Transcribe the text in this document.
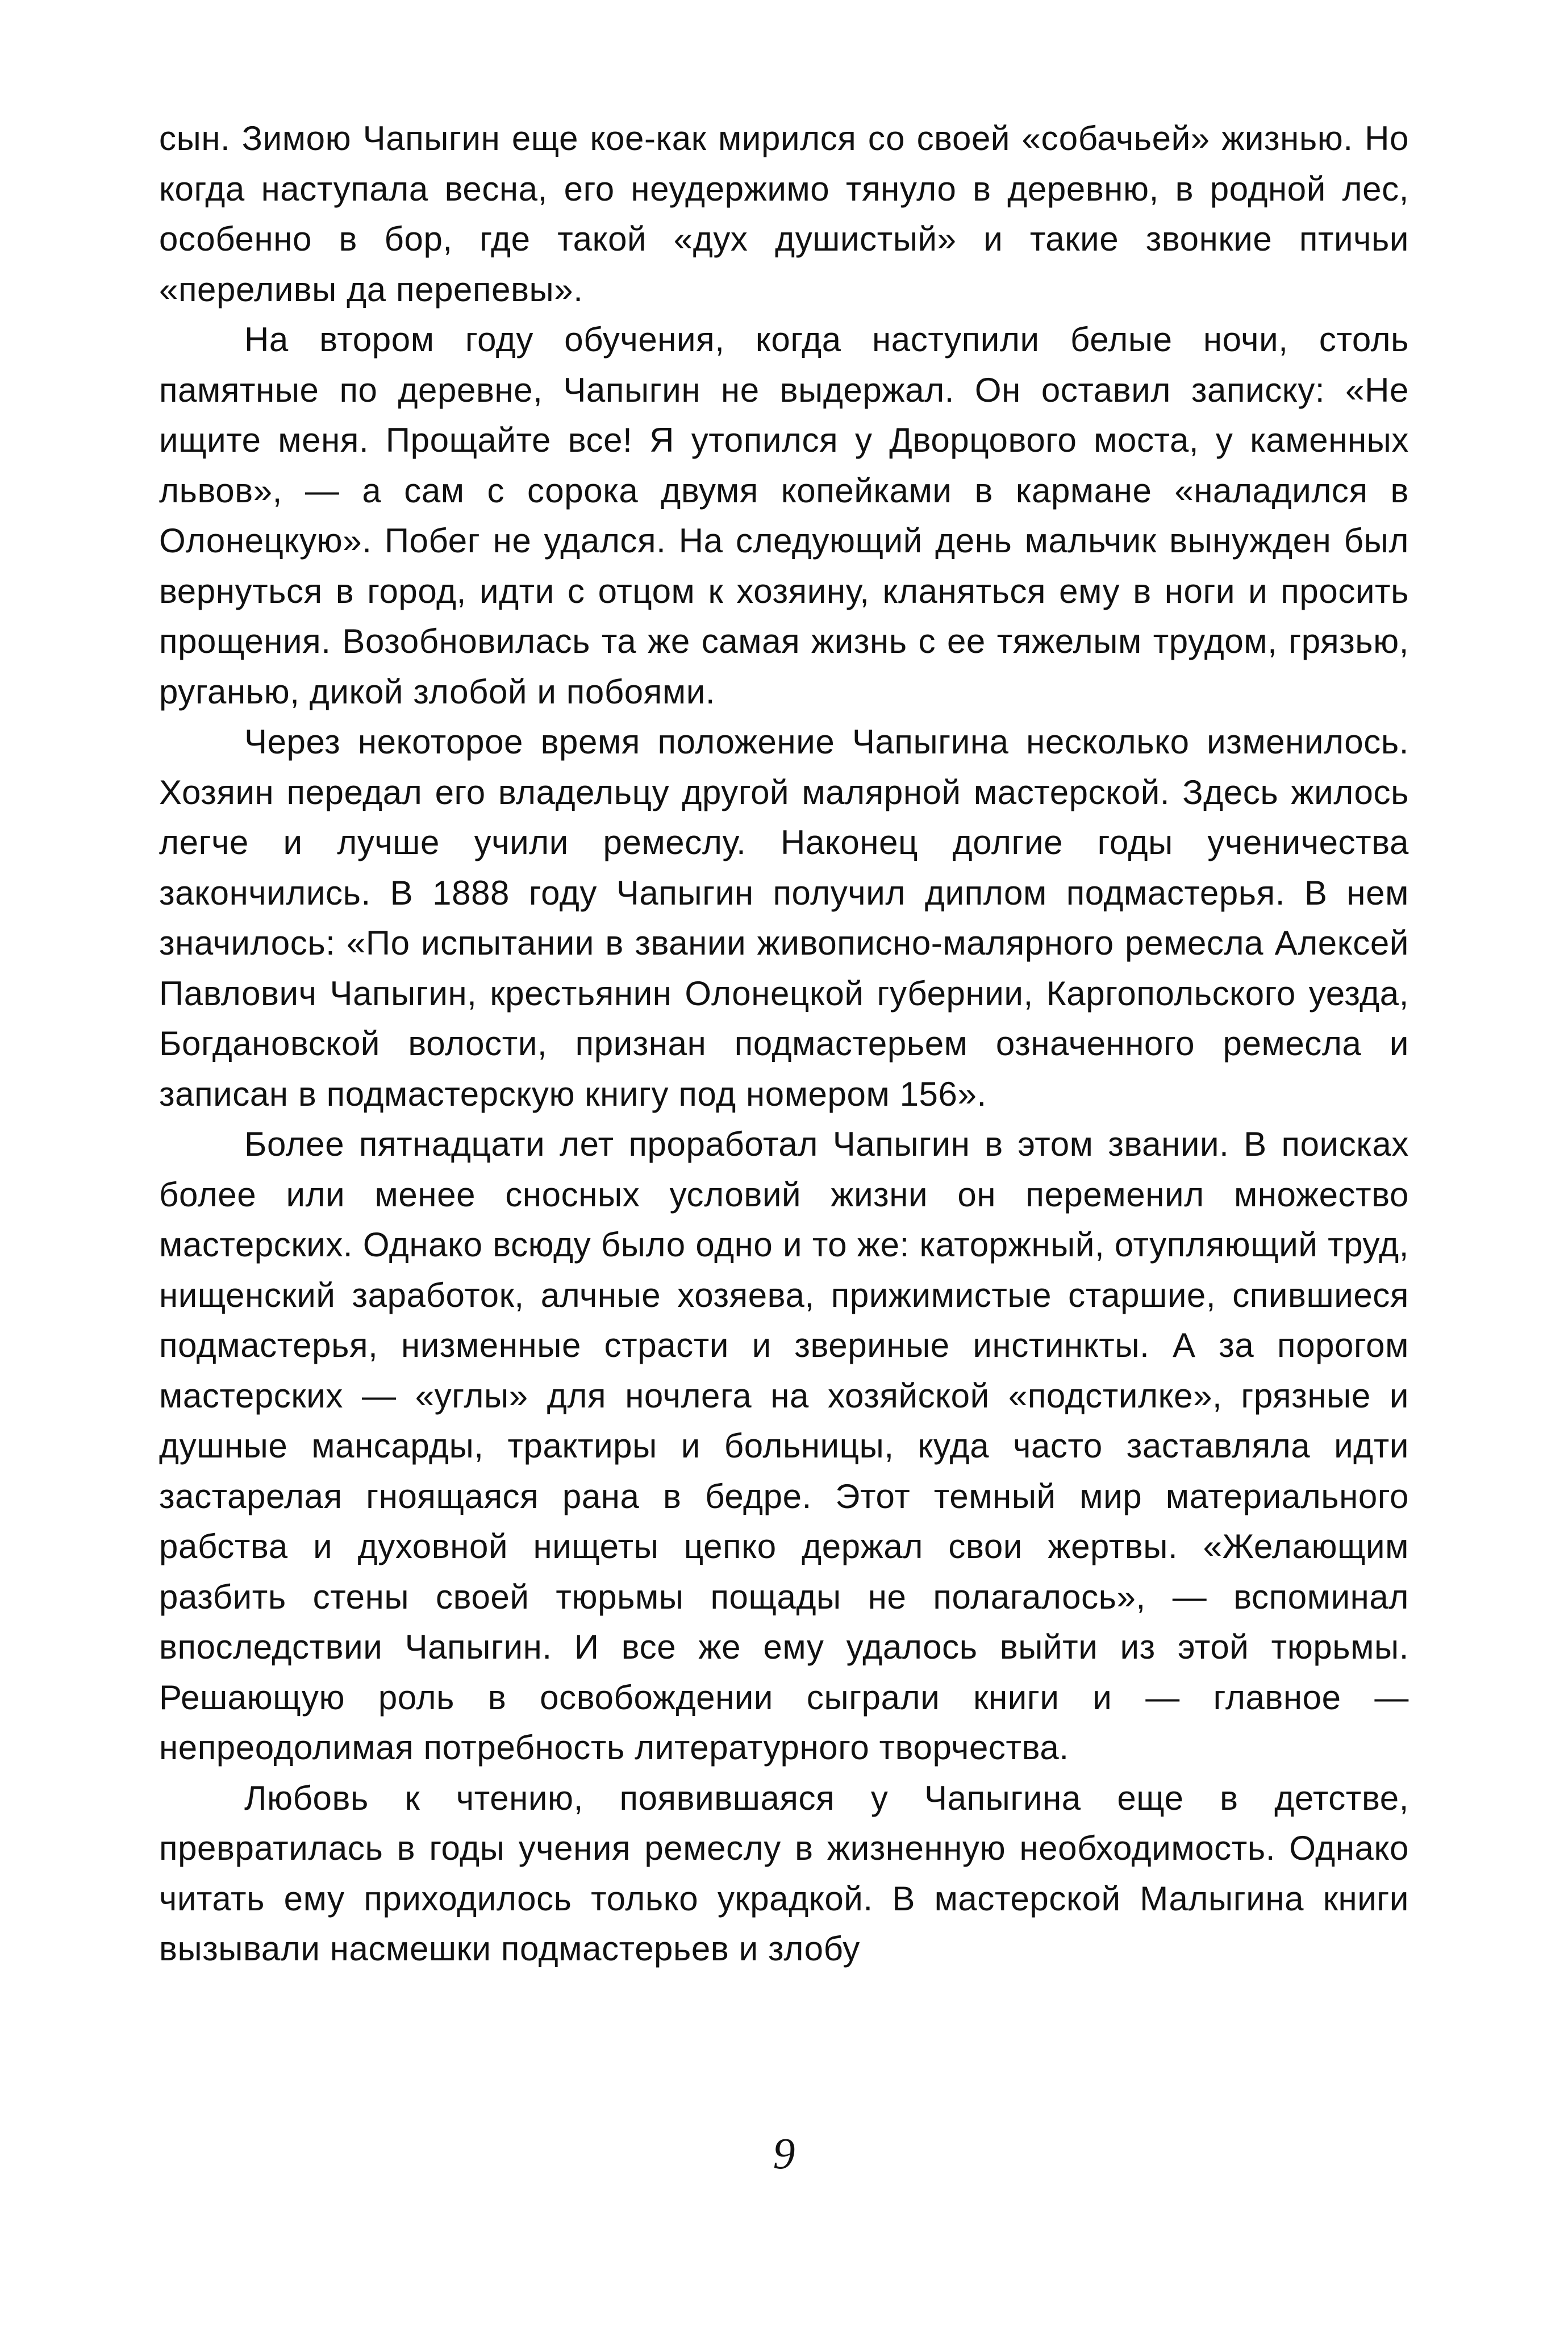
сын. Зимою Чапыгин еще кое-как мирился со своей «собачьей» жизнью. Но когда наступала весна, его неудержимо тянуло в деревню, в родной лес, особенно в бор, где такой «дух душистый» и такие звонкие птичьи «переливы да перепевы».

На втором году обучения, когда наступили белые ночи, столь памятные по деревне, Чапыгин не выдержал. Он оставил записку: «Не ищите меня. Прощайте все! Я утопился у Дворцового моста, у каменных львов», — а сам с сорока двумя копейками в кармане «наладился в Олонецкую». Побег не удался. На следующий день мальчик вынужден был вернуться в город, идти с отцом к хозяину, кланяться ему в ноги и просить прощения. Возобновилась та же самая жизнь с ее тяжелым трудом, грязью, руганью, дикой злобой и побоями.

Через некоторое время положение Чапыгина несколько изменилось. Хозяин передал его владельцу другой малярной мастерской. Здесь жилось легче и лучше учили ремеслу. Наконец долгие годы ученичества закончились. В 1888 году Чапыгин получил диплом подмастерья. В нем значилось: «По испытании в звании живописно-малярного ремесла Алексей Павлович Чапыгин, крестьянин Олонецкой губернии, Каргопольского уезда, Богдановской волости, признан подмастерьем означенного ремесла и записан в подмастерскую книгу под номером 156».

Более пятнадцати лет проработал Чапыгин в этом звании. В поисках более или менее сносных условий жизни он переменил множество мастерских. Однако всюду было одно и то же: каторжный, отупляющий труд, нищенский заработок, алчные хозяева, прижимистые старшие, спившиеся подмастерья, низменные страсти и звериные инстинкты. А за порогом мастерских — «углы» для ночлега на хозяйской «подстилке», грязные и душные мансарды, трактиры и больницы, куда часто заставляла идти застарелая гноящаяся рана в бедре. Этот темный мир материального рабства и духовной нищеты цепко держал свои жертвы. «Желающим разбить стены своей тюрьмы пощады не полагалось», — вспоминал впоследствии Чапыгин. И все же ему удалось выйти из этой тюрьмы. Решающую роль в освобождении сыграли книги и — главное — непреодолимая потребность литературного творчества.

Любовь к чтению, появившаяся у Чапыгина еще в детстве, превратилась в годы учения ремеслу в жизненную необходимость. Однако читать ему приходилось только украдкой. В мастерской Малыгина книги вызывали насмешки подмастерьев и злобу

9
